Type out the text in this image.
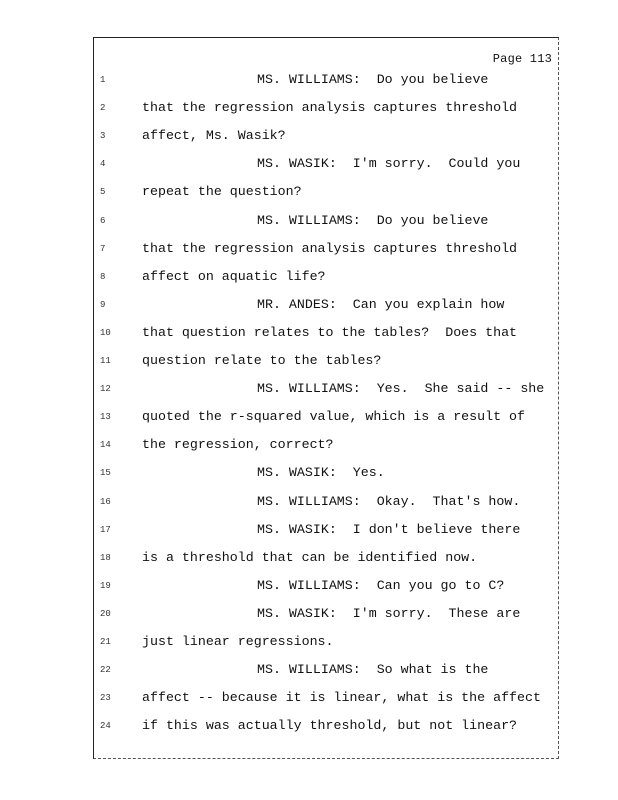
Page 113
1	MS. WILLIAMS:  Do you believe
2	that the regression analysis captures threshold
3	affect, Ms. Wasik?
4	MS. WASIK:  I'm sorry.  Could you
5	repeat the question?
6	MS. WILLIAMS:  Do you believe
7	that the regression analysis captures threshold
8	affect on aquatic life?
9	MR. ANDES:  Can you explain how
10	that question relates to the tables?  Does that
11	question relate to the tables?
12	MS. WILLIAMS:  Yes.  She said -- she
13	quoted the r-squared value, which is a result of
14	the regression, correct?
15	MS. WASIK:  Yes.
16	MS. WILLIAMS:  Okay.  That's how.
17	MS. WASIK:  I don't believe there
18	is a threshold that can be identified now.
19	MS. WILLIAMS:  Can you go to C?
20	MS. WASIK:  I'm sorry.  These are
21	just linear regressions.
22	MS. WILLIAMS:  So what is the
23	affect -- because it is linear, what is the affect
24	if this was actually threshold, but not linear?
